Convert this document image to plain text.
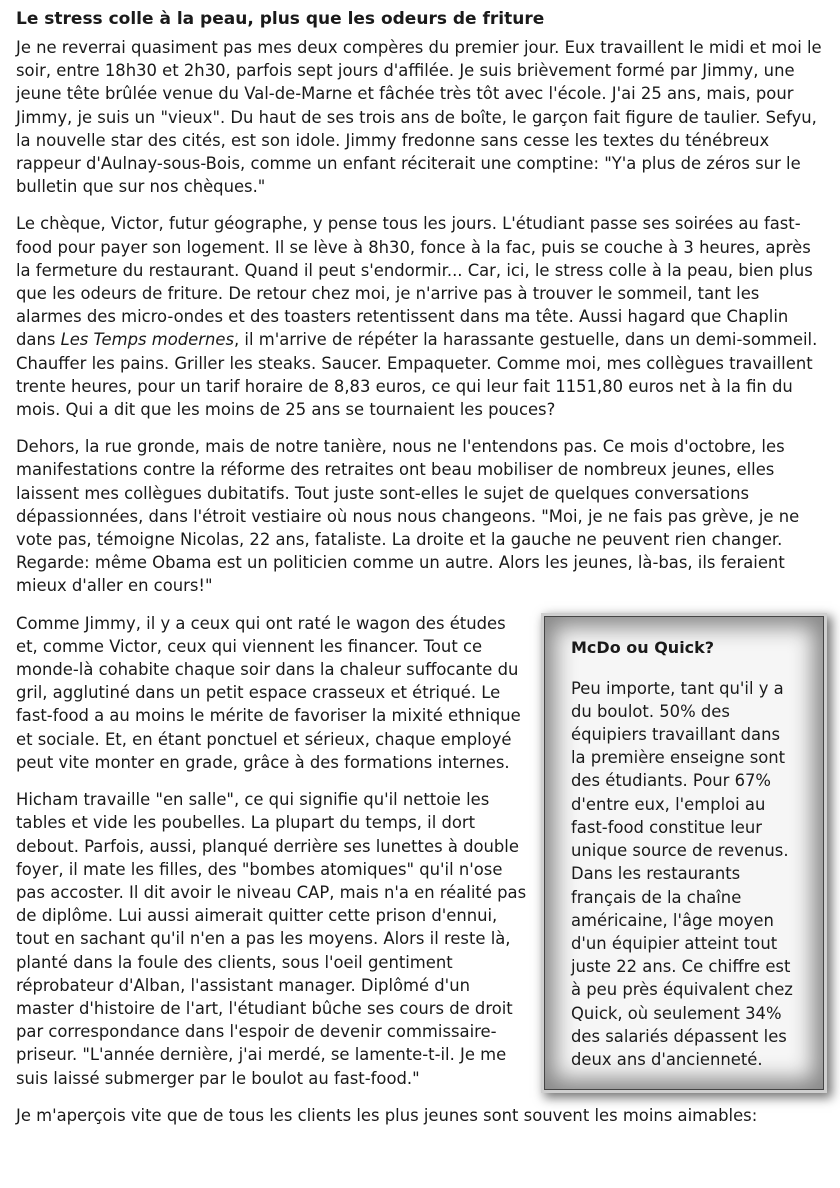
Le stress colle à la peau, plus que les odeurs de friture

Je ne reverrai quasiment pas mes deux compères du premier jour. Eux travaillent le midi et moi le soir, entre 18h30 et 2h30, parfois sept jours d'affilée. Je suis brièvement formé par Jimmy, une jeune tête brûlée venue du Val-de-Marne et fâchée très tôt avec l'école. J'ai 25 ans, mais, pour Jimmy, je suis un "vieux". Du haut de ses trois ans de boîte, le garçon fait figure de taulier. Sefyu, la nouvelle star des cités, est son idole. Jimmy fredonne sans cesse les textes du ténébreux rappeur d'Aulnay-sous-Bois, comme un enfant réciterait une comptine: "Y'a plus de zéros sur le bulletin que sur nos chèques."

Le chèque, Victor, futur géographe, y pense tous les jours. L'étudiant passe ses soirées au fast-food pour payer son logement. Il se lève à 8h30, fonce à la fac, puis se couche à 3 heures, après la fermeture du restaurant. Quand il peut s'endormir... Car, ici, le stress colle à la peau, bien plus que les odeurs de friture. De retour chez moi, je n'arrive pas à trouver le sommeil, tant les alarmes des micro-ondes et des toasters retentissent dans ma tête. Aussi hagard que Chaplin dans Les Temps modernes, il m'arrive de répéter la harassante gestuelle, dans un demi-sommeil. Chauffer les pains. Griller les steaks. Saucer. Empaqueter. Comme moi, mes collègues travaillent trente heures, pour un tarif horaire de 8,83 euros, ce qui leur fait 1151,80 euros net à la fin du mois. Qui a dit que les moins de 25 ans se tournaient les pouces?

Dehors, la rue gronde, mais de notre tanière, nous ne l'entendons pas. Ce mois d'octobre, les manifestations contre la réforme des retraites ont beau mobiliser de nombreux jeunes, elles laissent mes collègues dubitatifs. Tout juste sont-elles le sujet de quelques conversations dépassionnées, dans l'étroit vestiaire où nous nous changeons. "Moi, je ne fais pas grève, je ne vote pas, témoigne Nicolas, 22 ans, fataliste. La droite et la gauche ne peuvent rien changer. Regarde: même Obama est un politicien comme un autre. Alors les jeunes, là-bas, ils feraient mieux d'aller en cours!"

McDo ou Quick?

Peu importe, tant qu'il y a du boulot. 50% des équipiers travaillant dans la première enseigne sont des étudiants. Pour 67% d'entre eux, l'emploi au fast-food constitue leur unique source de revenus. Dans les restaurants français de la chaîne américaine, l'âge moyen d'un équipier atteint tout juste 22 ans. Ce chiffre est à peu près équivalent chez Quick, où seulement 34% des salariés dépassent les deux ans d'ancienneté.

Comme Jimmy, il y a ceux qui ont raté le wagon des études et, comme Victor, ceux qui viennent les financer. Tout ce monde-là cohabite chaque soir dans la chaleur suffocante du gril, agglutiné dans un petit espace crasseux et étriqué. Le fast-food a au moins le mérite de favoriser la mixité ethnique et sociale. Et, en étant ponctuel et sérieux, chaque employé peut vite monter en grade, grâce à des formations internes.

Hicham travaille "en salle", ce qui signifie qu'il nettoie les tables et vide les poubelles. La plupart du temps, il dort debout. Parfois, aussi, planqué derrière ses lunettes à double foyer, il mate les filles, des "bombes atomiques" qu'il n'ose pas accoster. Il dit avoir le niveau CAP, mais n'a en réalité pas de diplôme. Lui aussi aimerait quitter cette prison d'ennui, tout en sachant qu'il n'en a pas les moyens. Alors il reste là, planté dans la foule des clients, sous l'oeil gentiment réprobateur d'Alban, l'assistant manager. Diplômé d'un master d'histoire de l'art, l'étudiant bûche ses cours de droit par correspondance dans l'espoir de devenir commissaire-priseur. "L'année dernière, j'ai merdé, se lamente-t-il. Je me suis laissé submerger par le boulot au fast-food."

Je m'aperçois vite que de tous les clients les plus jeunes sont souvent les moins aimables:
